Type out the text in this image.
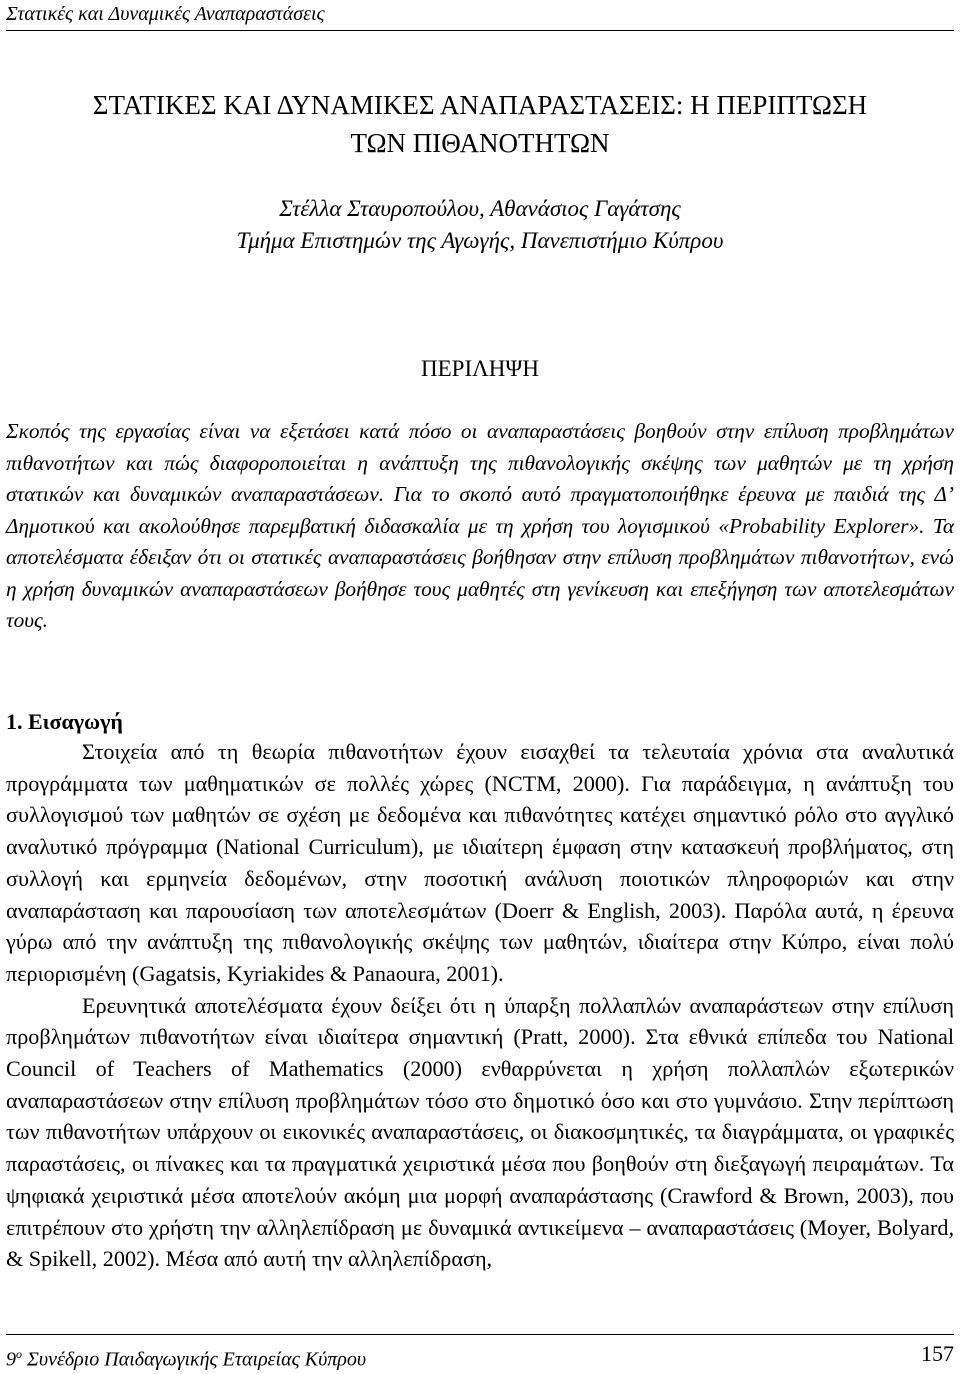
Στατικές και Δυναμικές Αναπαραστάσεις
ΣΤΑΤΙΚΕΣ ΚΑΙ ΔΥΝΑΜΙΚΕΣ ΑΝΑΠΑΡΑΣΤΑΣΕΙΣ: Η ΠΕΡΙΠΤΩΣΗ
ΤΩΝ ΠΙΘΑΝΟΤΗΤΩΝ
Στέλλα Σταυροπούλου, Αθανάσιος Γαγάτσης
Τμήμα Επιστημών της Αγωγής, Πανεπιστήμιο Κύπρου
ΠΕΡΙΛΗΨΗ
Σκοπός της εργασίας είναι να εξετάσει κατά πόσο οι αναπαραστάσεις βοηθούν στην επίλυση προβλημάτων πιθανοτήτων και πώς διαφοροποιείται η ανάπτυξη της πιθανολογικής σκέψης των μαθητών με τη χρήση στατικών και δυναμικών αναπαραστάσεων. Για το σκοπό αυτό πραγματοποιήθηκε έρευνα με παιδιά της Δ’ Δημοτικού και ακολούθησε παρεμβατική διδασκαλία με τη χρήση του λογισμικού «Probability Explorer». Τα αποτελέσματα έδειξαν ότι οι στατικές αναπαραστάσεις βοήθησαν στην επίλυση προβλημάτων πιθανοτήτων, ενώ η χρήση δυναμικών αναπαραστάσεων βοήθησε τους μαθητές στη γενίκευση και επεξήγηση των αποτελεσμάτων τους.
1. Εισαγωγή

Στοιχεία από τη θεωρία πιθανοτήτων έχουν εισαχθεί τα τελευταία χρόνια στα αναλυτικά προγράμματα των μαθηματικών σε πολλές χώρες (NCTM, 2000). Για παράδειγμα, η ανάπτυξη του συλλογισμού των μαθητών σε σχέση με δεδομένα και πιθανότητες κατέχει σημαντικό ρόλο στο αγγλικό αναλυτικό πρόγραμμα (National Curriculum), με ιδιαίτερη έμφαση στην κατασκευή προβλήματος, στη συλλογή και ερμηνεία δεδομένων, στην ποσοτική ανάλυση ποιοτικών πληροφοριών και στην αναπαράσταση και παρουσίαση των αποτελεσμάτων (Doerr & English, 2003). Παρόλα αυτά, η έρευνα γύρω από την ανάπτυξη της πιθανολογικής σκέψης των μαθητών, ιδιαίτερα στην Κύπρο, είναι πολύ περιορισμένη (Gagatsis, Kyriakides & Panaoura, 2001).

Ερευνητικά αποτελέσματα έχουν δείξει ότι η ύπαρξη πολλαπλών αναπαράστεων στην επίλυση προβλημάτων πιθανοτήτων είναι ιδιαίτερα σημαντική (Pratt, 2000). Στα εθνικά επίπεδα του National Council of Teachers of Mathematics (2000) ενθαρρύνεται η χρήση πολλαπλών εξωτερικών αναπαραστάσεων στην επίλυση προβλημάτων τόσο στο δημοτικό όσο και στο γυμνάσιο. Στην περίπτωση των πιθανοτήτων υπάρχουν οι εικονικές αναπαραστάσεις, οι διακοσμητικές, τα διαγράμματα, οι γραφικές παραστάσεις, οι πίνακες και τα πραγματικά χειριστικά μέσα που βοηθούν στη διεξαγωγή πειραμάτων. Τα ψηφιακά χειριστικά μέσα αποτελούν ακόμη μια μορφή αναπαράστασης (Crawford & Brown, 2003), που επιτρέπουν στο χρήστη την αλληλεπίδραση με δυναμικά αντικείμενα – αναπαραστάσεις (Moyer, Bolyard, & Spikell, 2002). Μέσα από αυτή την αλληλεπίδραση,

$9^o$ Συνέδριο Παιδαγωγικής Εταιρείας Κύπρου	157
